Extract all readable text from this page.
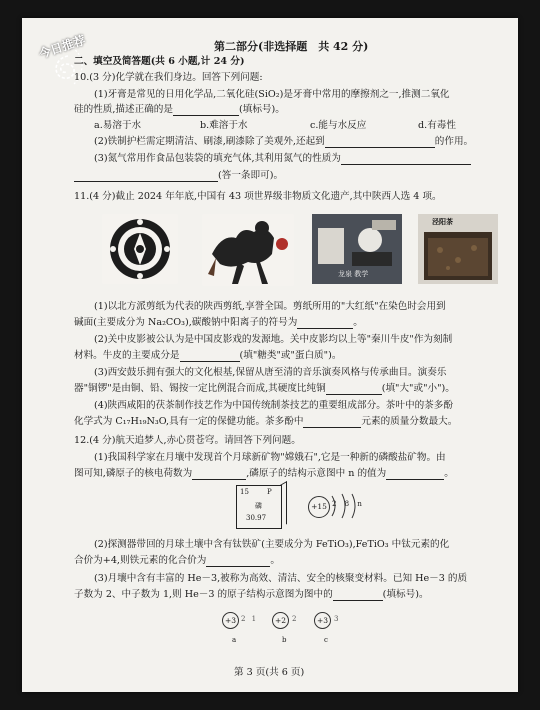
今日推荐	第二部分(非选择题　共 42 分)
二、填空及简答题(共 6 小题,计 24 分)
10.(3 分)化学就在我们身边。回答下列问题:
(1)牙膏是常见的日用化学品,二氧化硅(SiO₂)是牙膏中常用的摩擦剂之一,推测二氧化
硅的性质,描述正确的是	(填标号)。
a.易溶于水	b.难溶于水	c.能与水反应	d.有毒性
(2)铁制护栏需定期清洁、刷漆,刷漆除了美观外,还起到	的作用。
(3)氮气常用作食品包装袋的填充气体,其利用氮气的性质为
(答一条即可)。
11.(4 分)截止 2024 年年底,中国有 43 项世界级非物质文化遗产,其中陕西人选 4 项。
龙泉 教学
泾阳茶
(1)以北方派剪纸为代表的陕西剪纸,享誉全国。剪纸所用的"大红纸"在染色时会用到
碱面(主要成分为 Na₂CO₃),碳酸钠中阳离子的符号为	。
(2)关中皮影被公认为是中国皮影戏的发源地。关中皮影均以上等"秦川牛皮"作为刻制
材料。牛皮的主要成分是	(填"糖类"或"蛋白质")。
(3)西安鼓乐拥有强大的文化根基,保留从唐至清的音乐演奏风格与传承曲目。演奏乐
器"铜锣"是由铜、铅、锡按一定比例混合而成,其硬度比纯铜	(填"大"或"小")。
(4)陕西咸阳的茯茶制作技艺作为中国传统制茶技艺的重要组成部分。茶叶中的茶多酚
化学式为 C₁₇H₁₉N₃O,具有一定的保健功能。茶多酚中	元素的质量分数最大。
12.(4 分)航天追梦人,赤心贯苍穹。请回答下列问题。
(1)我国科学家在月壤中发现首个月球新矿物"嫦娥石",它是一种新的磷酸盐矿物。由
图可知,磷原子的核电荷数为	,磷原子的结构示意图中 n 的值为	。
15	P
磷
30.97
+15 2 8 n
(2)探测器带回的月球土壤中含有钛铁矿(主要成分为 FeTiO₃),FeTiO₃ 中钛元素的化
合价为+4,则铁元素的化合价为	。
(3)月壤中含有丰富的 He－3,被称为高效、清洁、安全的核聚变材料。已知 He－3 的质
子数为 2、中子数为 1,则 He－3 的原子结构示意图为图中的	(填标号)。
+3 2 1
a
+2 2
b
+3 3
c
第 3 页(共 6 页)
